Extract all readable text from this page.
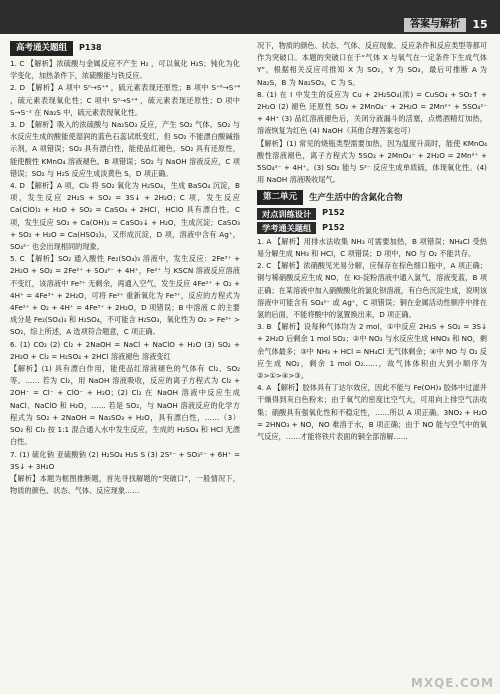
答案与解析	15
高考通关题组	P138

1. C 【解析】浓硫酸与金属反应不产生 H₂ ，可以氧化 H₂S；钝化为化学变化，加热条件下，浓硫酸能与铁反应。

2. D 【解析】A 项中 S⁰→S⁺⁴ ，硫元素表现还原性；B 项中 S⁺⁶→S⁺⁴ ，硫元素表现氧化性；C 项中 S⁰→S⁺⁴ ，硫元素表现还原性；D 项中 S→S⁻² 在 Na₂S 中，硫元素表现氧化性。

3. D 【解析】吸入的浓硫酸与 Na₂SO₃ 反应，产生 SO₂ 气体。SO₂ 与水反应生成的酸能使湿润的蓝色石蕊试纸变红，但 SO₂ 不能漂白酸碱指示剂，A 项错误；SO₂ 具有漂白性，能使品红褪色，SO₂ 具有还原性，能使酸性 KMnO₄ 溶液褪色，B 项错误；SO₂ 与 NaOH 溶液反应，C 项错误；SO₂ 与 H₂S 反应生成淡黄色 S，D 项正确。

4. D 【解析】A 项，Cl₂ 将 SO₂ 氧化为 H₂SO₄，生成 BaSO₄ 沉淀，B 项，发生反应 2H₂S + SO₂ = 3S↓ + 2H₂O；C 项，发生反应 Ca(ClO)₂ + H₂O + SO₂ = CaSO₄ + 2HCl，HClO 具有漂白性，C 项，发生反应 SO₂ + Ca(OH)₂ = CaSO₃↓ + H₂O，生成沉淀；CaSO₃ + SO₂ + H₂O = Ca(HSO₃)₂，又形成沉淀，D 项，溶液中含有 Ag⁺，SO₄²⁻ 也会出现相同的现象。

5. C 【解析】SO₂ 通入酸性 Fe₂(SO₄)₃ 溶液中，发生反应：2Fe³⁺ + 2H₂O + SO₂ = 2Fe²⁺ + SO₄²⁻ + 4H⁺，Fe²⁺ 与 KSCN 溶液反应溶液不变红，该溶液中 Fe³⁺ 无剩余，再通入空气，发生反应 4Fe²⁺ + O₂ + 4H⁺ = 4Fe³⁺ + 2H₂O，可将 Fe²⁺ 重新氧化为 Fe³⁺，反应的方程式为 4Fe²⁺ + O₂ + 4H⁺ = 4Fe³⁺ + 2H₂O，D 项错误；B 中溶液 C 的主要成分是 Fe₂(SO₄)₃ 和 H₂SO₄，不可能含 H₂SO₃，氧化性为 O₂ > Fe³⁺ > SO₂，综上所述，A 选项符合题意，C 项正确。

6. (1) CO₂ (2) Cl₂ + 2NaOH = NaCl + NaClO + H₂O (3) SO₂ + 2H₂O + Cl₂ = H₂SO₄ + 2HCl 溶液褪色 溶液变红

【解析】(1) 具有漂白作用，能使品红溶液褪色的气体有 Cl₂、SO₂ 等。…… 若为 Cl₂，用 NaOH 溶液吸收，反应的离子方程式为 Cl₂ + 2OH⁻ = Cl⁻ + ClO⁻ + H₂O；(2) Cl₂ 在 NaOH 溶液中反应生成 NaCl、NaClO 和 H₂O，…… 若是 SO₂，与 NaOH 溶液反应的化学方程式为 SO₂ + 2NaOH = Na₂SO₃ + H₂O，具有漂白性，……（3）SO₂ 和 Cl₂ 按 1:1 混合通入水中发生反应，生成的 H₂SO₄ 和 HCl 无漂白性。

7. (1) 硫化钠 亚硫酸钠 (2) H₂SO₄ H₂S S (3) 2S²⁻ + SO₃²⁻ + 6H⁺ = 3S↓ + 3H₂O

【解析】本题为框图推断题，首先寻找解题的“突破口”，一般情况下，物质的颜色、状态、气体、反应现象……

况下，物质的颜色、状态、气体、反应现象、反应条件和反应类型等都可作为突破口。本题的突破口在于“气体 X 与氧气在一定条件下生成气体 Y”，根据相关反应可推知 X 为 SO₂，Y 为 SO₃，最后可推断 A 为 Na₂S，B 为 Na₂SO₃，C 为 S。

8. (1) 在 Ⅰ 中发生的反应为 Cu + 2H₂SO₄(浓) = CuSO₄ + SO₂↑ + 2H₂O (2) 褪色 还原性 SO₂ + 2MnO₄⁻ + 2H₂O = 2Mn²⁺ + 5SO₄²⁻ + 4H⁺ (3) 品红溶液褪色后，关闭分液漏斗的活塞，点燃酒精灯加热，溶液恢复为红色 (4) NaOH（其他合理答案也可）

【解析】(1) 常见的烧瓶类型需要加热，因为温度升高时，能使 KMnO₄ 酸性溶液褪色，离子方程式为 5SO₂ + 2MnO₄⁻ + 2H₂O = 2Mn²⁺ + 5SO₄²⁻ + 4H⁺。(3) SO₂ 能与 S²⁻ 反应生成单质硫，体现氧化性。(4) 用 NaOH 溶液吸收尾气。

第二单元	生产生活中的含氮化合物
对点训练设计	P152
学考通关题组	P152

1. A 【解析】用排水法收集 NH₃ 可需要加热，B 项错误；NH₄Cl 受热易分解生成 NH₃ 和 HCl，C 项错误；D 项中，NO 与 O₂ 不能共存。

2. C 【解析】浓硝酸见光易分解，应保存在棕色细口瓶中，A 项正确；铜与稀硝酸反应生成 NO，在 KI-淀粉溶液中通入氯气，溶液变蓝，B 项正确；在某溶液中加入硝酸酸化的氯化钡溶液，有白色沉淀生成，说明该溶液中可能含有 SO₄²⁻ 或 Ag⁺，C 项错误；铜在金属活动性顺序中排在氢的后面，不能将酸中的氢置换出来，D 项正确。

3. B 【解析】设每种气体均为 2 mol，①中反应 2H₂S + SO₂ = 3S↓ + 2H₂O 后剩余 1 mol SO₂；②中 NO₂ 与水反应生成 HNO₃ 和 NO，剩余气体最多；③中 NH₃ + HCl = NH₄Cl 无气体剩余；④中 NO 与 O₂ 反应生成 NO₂，剩余 1 mol O₂……，故气体体积由大到小顺序为 ②>①>④>③。

4. A 【解析】胶体具有丁达尔效应，因此不能与 Fe(OH)₃ 胶体中过滤并干燥得到灰白色粉末；由于氧气的密度比空气大，可用向上排空气法收集；硝酸具有强氧化性和不稳定性，……所以 A 项正确。3NO₂ + H₂O = 2HNO₃ + NO，NO 难溶于水，B 项正确；由于 NO 能与空气中的氧气反应，……才能将铁片表面的铜全部溶解……

MXQE.COM
